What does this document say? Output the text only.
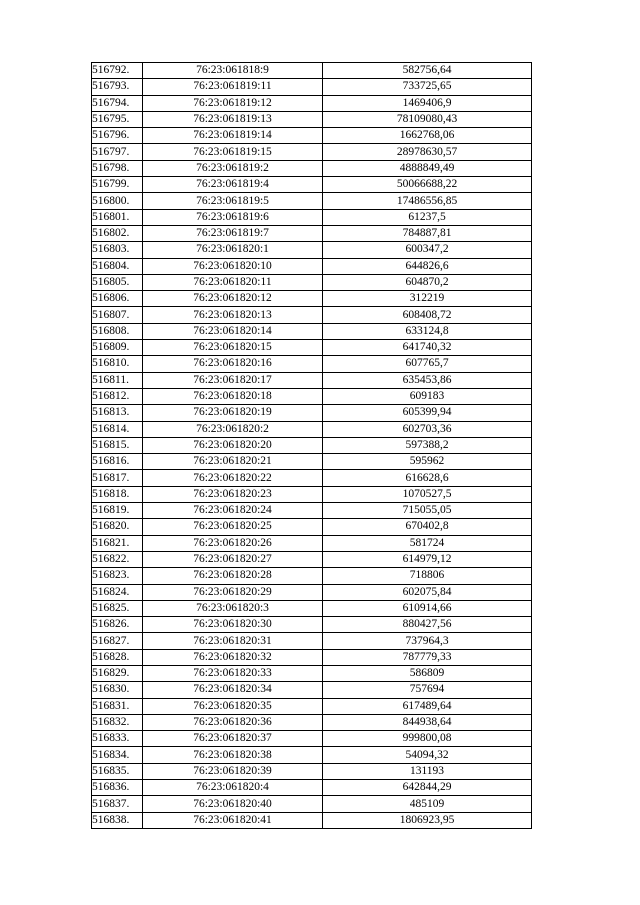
516792.	76:23:061818:9	582756,64
516793.	76:23:061819:11	733725,65
516794.	76:23:061819:12	1469406,9
516795.	76:23:061819:13	78109080,43
516796.	76:23:061819:14	1662768,06
516797.	76:23:061819:15	28978630,57
516798.	76:23:061819:2	4888849,49
516799.	76:23:061819:4	50066688,22
516800.	76:23:061819:5	17486556,85
516801.	76:23:061819:6	61237,5
516802.	76:23:061819:7	784887,81
516803.	76:23:061820:1	600347,2
516804.	76:23:061820:10	644826,6
516805.	76:23:061820:11	604870,2
516806.	76:23:061820:12	312219
516807.	76:23:061820:13	608408,72
516808.	76:23:061820:14	633124,8
516809.	76:23:061820:15	641740,32
516810.	76:23:061820:16	607765,7
516811.	76:23:061820:17	635453,86
516812.	76:23:061820:18	609183
516813.	76:23:061820:19	605399,94
516814.	76:23:061820:2	602703,36
516815.	76:23:061820:20	597388,2
516816.	76:23:061820:21	595962
516817.	76:23:061820:22	616628,6
516818.	76:23:061820:23	1070527,5
516819.	76:23:061820:24	715055,05
516820.	76:23:061820:25	670402,8
516821.	76:23:061820:26	581724
516822.	76:23:061820:27	614979,12
516823.	76:23:061820:28	718806
516824.	76:23:061820:29	602075,84
516825.	76:23:061820:3	610914,66
516826.	76:23:061820:30	880427,56
516827.	76:23:061820:31	737964,3
516828.	76:23:061820:32	787779,33
516829.	76:23:061820:33	586809
516830.	76:23:061820:34	757694
516831.	76:23:061820:35	617489,64
516832.	76:23:061820:36	844938,64
516833.	76:23:061820:37	999800,08
516834.	76:23:061820:38	54094,32
516835.	76:23:061820:39	131193
516836.	76:23:061820:4	642844,29
516837.	76:23:061820:40	485109
516838.	76:23:061820:41	1806923,95
